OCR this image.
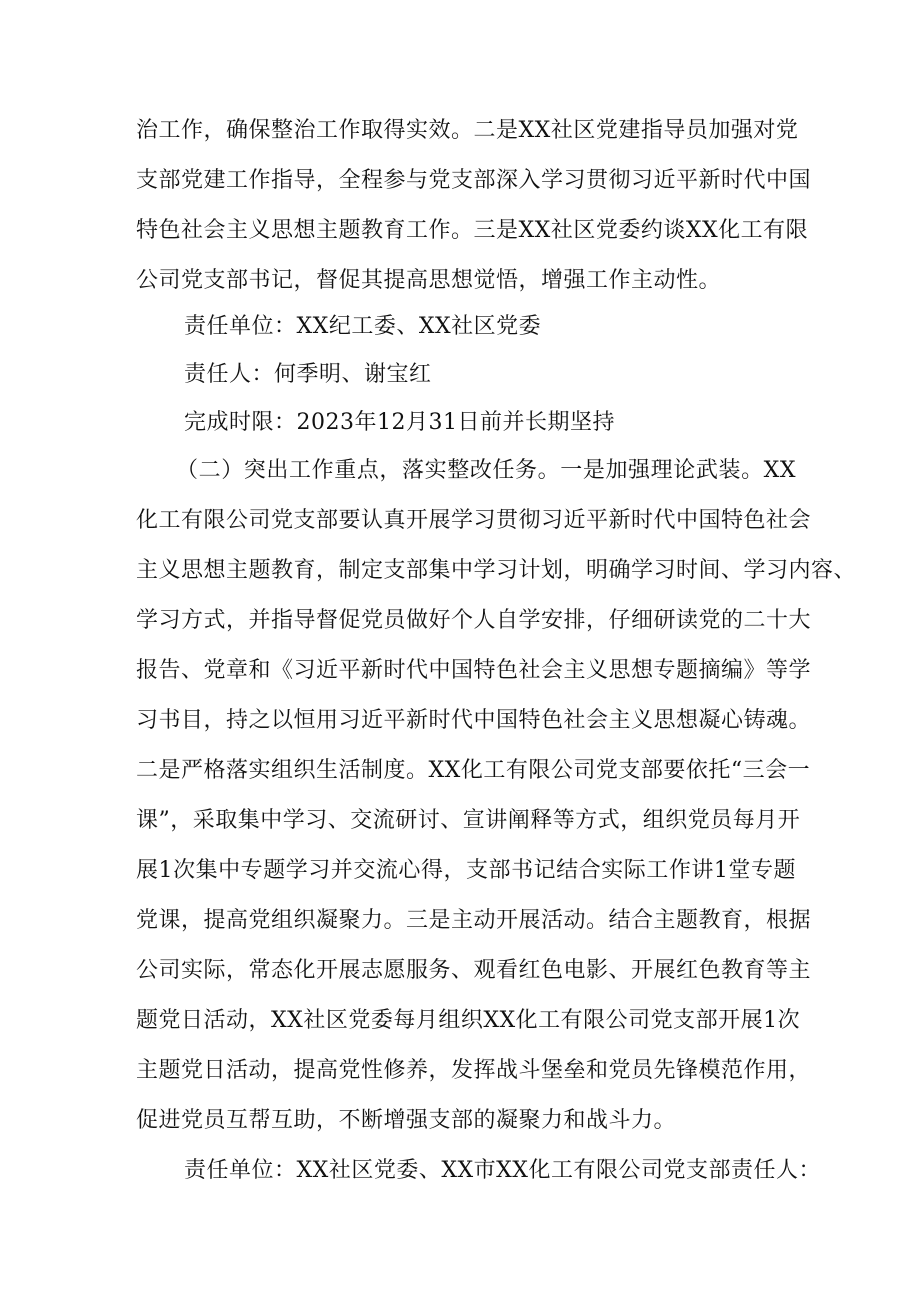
治工作，确保整治工作取得实效。二是XX社区党建指导员加强对党
支部党建工作指导，全程参与党支部深入学习贯彻习近平新时代中国
特色社会主义思想主题教育工作。三是XX社区党委约谈XX化工有限
公司党支部书记，督促其提高思想觉悟，增强工作主动性。
责任单位：XX纪工委、XX社区党委
责任人：何季明、谢宝红
完成时限：2023年12月31日前并长期坚持
（二）突出工作重点，落实整改任务。一是加强理论武装。XX
化工有限公司党支部要认真开展学习贯彻习近平新时代中国特色社会
主义思想主题教育，制定支部集中学习计划，明确学习时间、学习内容、
学习方式，并指导督促党员做好个人自学安排，仔细研读党的二十大
报告、党章和《习近平新时代中国特色社会主义思想专题摘编》等学
习书目，持之以恒用习近平新时代中国特色社会主义思想凝心铸魂。
二是严格落实组织生活制度。XX化工有限公司党支部要依托“三会一
课”，采取集中学习、交流研讨、宣讲阐释等方式，组织党员每月开
展1次集中专题学习并交流心得，支部书记结合实际工作讲1堂专题
党课，提高党组织凝聚力。三是主动开展活动。结合主题教育，根据
公司实际，常态化开展志愿服务、观看红色电影、开展红色教育等主
题党日活动，XX社区党委每月组织XX化工有限公司党支部开展1次
主题党日活动，提高党性修养，发挥战斗堡垒和党员先锋模范作用，
促进党员互帮互助，不断增强支部的凝聚力和战斗力。
责任单位：XX社区党委、XX市XX化工有限公司党支部责任人：
